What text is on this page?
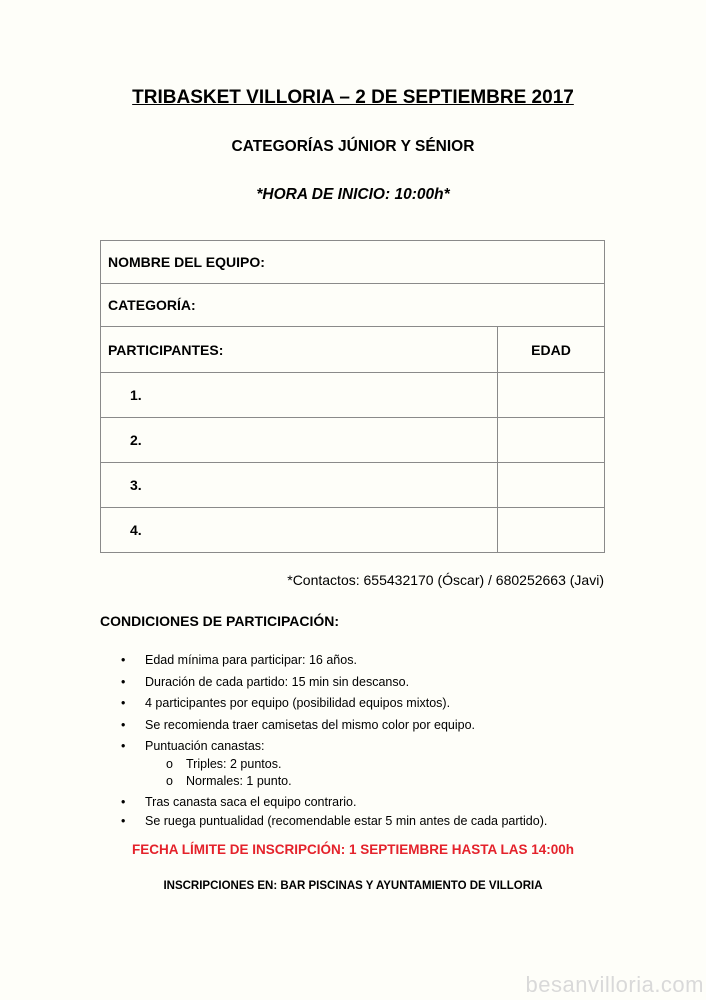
TRIBASKET VILLORIA – 2 DE SEPTIEMBRE 2017
CATEGORÍAS JÚNIOR Y SÉNIOR
*HORA DE INICIO: 10:00h*
NOMBRE DEL EQUIPO:	
CATEGORÍA:	
PARTICIPANTES:	EDAD
1.	
2.	
3.	
4.	
*Contactos: 655432170 (Óscar) / 680252663 (Javi)
CONDICIONES DE PARTICIPACIÓN:
• Edad mínima para participar: 16 años.
• Duración de cada partido: 15 min sin descanso.
• 4 participantes por equipo (posibilidad equipos mixtos).
• Se recomienda traer camisetas del mismo color por equipo.
• Puntuación canastas:
o Triples: 2 puntos.
o Normales: 1 punto.
• Tras canasta saca el equipo contrario.
• Se ruega puntualidad (recomendable estar 5 min antes de cada partido).
FECHA LÍMITE DE INSCRIPCIÓN: 1 SEPTIEMBRE HASTA LAS 14:00h
INSCRIPCIONES EN: BAR PISCINAS Y AYUNTAMIENTO DE VILLORIA
besanvilloria.com
